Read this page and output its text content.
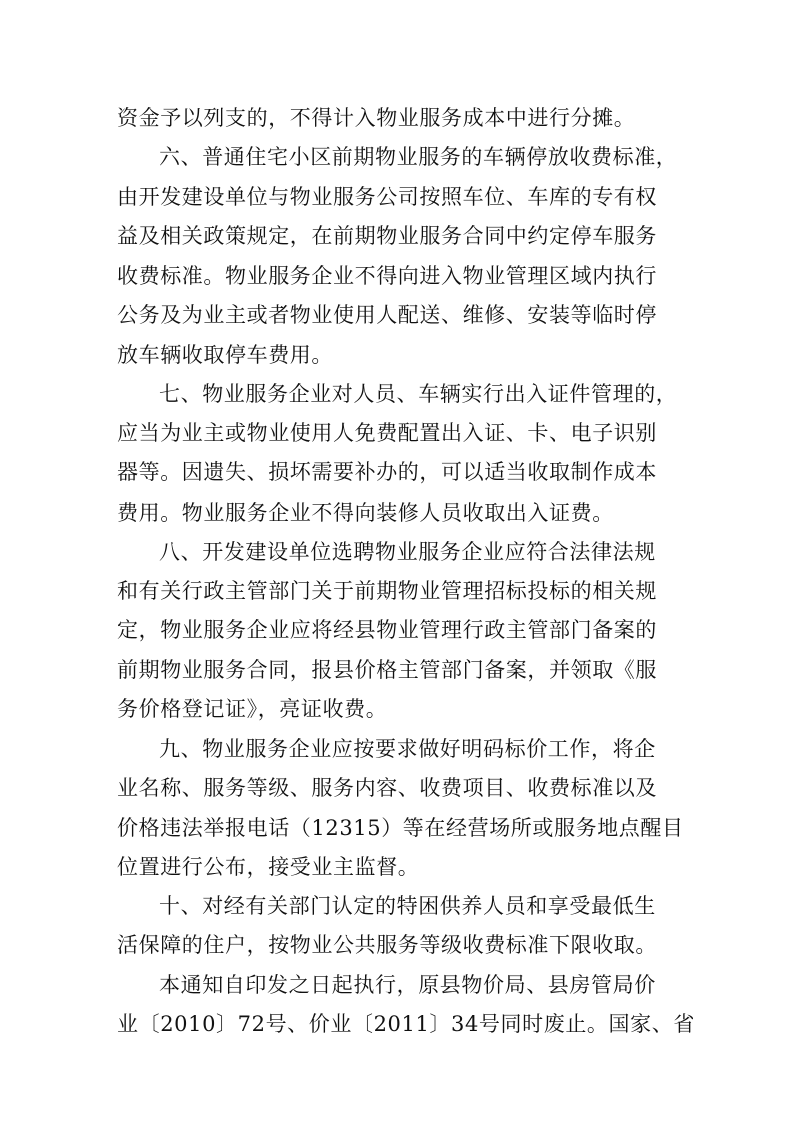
资金予以列支的，不得计入物业服务成本中进行分摊。
六、普通住宅小区前期物业服务的车辆停放收费标准，
由开发建设单位与物业服务公司按照车位、车库的专有权
益及相关政策规定，在前期物业服务合同中约定停车服务
收费标准。物业服务企业不得向进入物业管理区域内执行
公务及为业主或者物业使用人配送、维修、安装等临时停
放车辆收取停车费用。
七、物业服务企业对人员、车辆实行出入证件管理的，
应当为业主或物业使用人免费配置出入证、卡、电子识别
器等。因遗失、损坏需要补办的，可以适当收取制作成本
费用。物业服务企业不得向装修人员收取出入证费。
八、开发建设单位选聘物业服务企业应符合法律法规
和有关行政主管部门关于前期物业管理招标投标的相关规
定，物业服务企业应将经县物业管理行政主管部门备案的
前期物业服务合同，报县价格主管部门备案，并领取《服
务价格登记证》，亮证收费。
九、物业服务企业应按要求做好明码标价工作，将企
业名称、服务等级、服务内容、收费项目、收费标准以及
价格违法举报电话（12315）等在经营场所或服务地点醒目
位置进行公布，接受业主监督。
十、对经有关部门认定的特困供养人员和享受最低生
活保障的住户，按物业公共服务等级收费标准下限收取。
本通知自印发之日起执行，原县物价局、县房管局价
业〔2010〕72号、价业〔2011〕34号同时废止。国家、省
